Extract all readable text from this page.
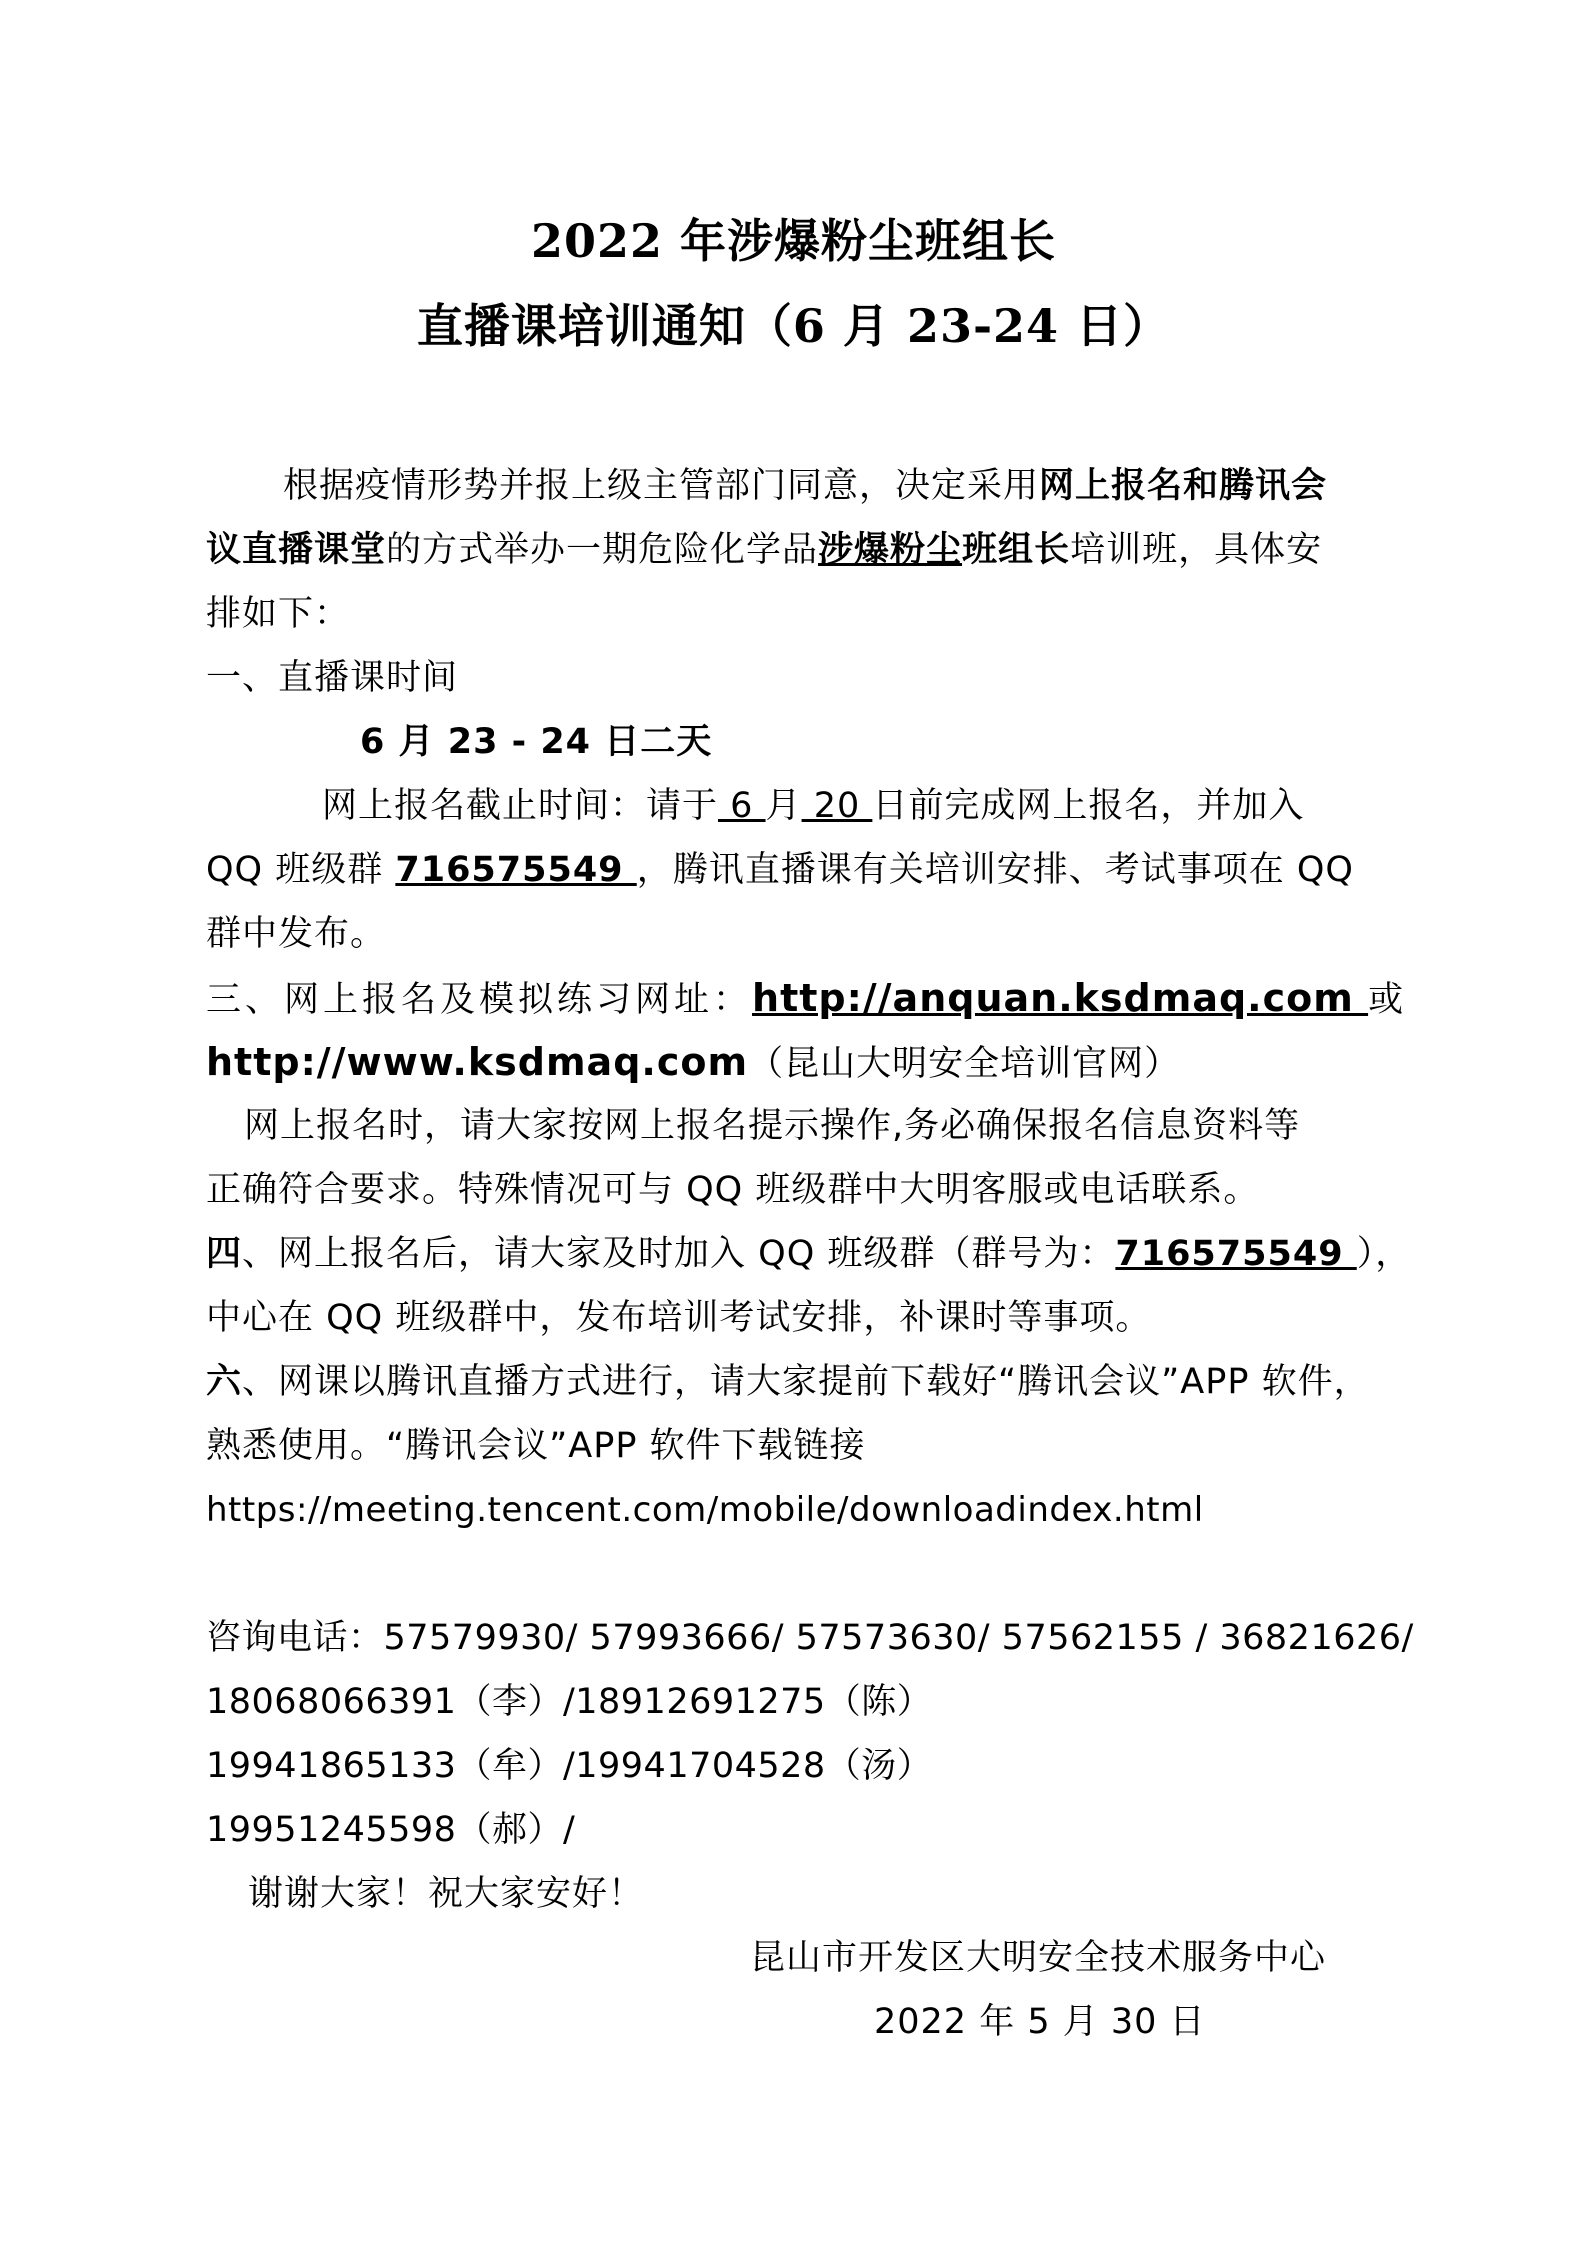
2022 年涉爆粉尘班组长
直播课培训通知（6 月 23-24 日）
根据疫情形势并报上级主管部门同意，决定采用网上报名和腾讯会
议直播课堂的方式举办一期危险化学品涉爆粉尘班组长培训班，具体安
排如下：
一、直播课时间
6 月 23 - 24 日二天
网上报名截止时间：请于 6 月 20 日前完成网上报名，并加入
QQ 班级群 716575549 ，腾讯直播课有关培训安排、考试事项在 QQ
群中发布。
三、网上报名及模拟练习网址：http://anquan.ksdmaq.com 或
http://www.ksdmaq.com（昆山大明安全培训官网）
网上报名时，请大家按网上报名提示操作,务必确保报名信息资料等
正确符合要求。特殊情况可与 QQ 班级群中大明客服或电话联系。
四、网上报名后，请大家及时加入 QQ 班级群（群号为：716575549 ），
中心在 QQ 班级群中，发布培训考试安排，补课时等事项。
六、网课以腾讯直播方式进行，请大家提前下载好“腾讯会议”APP 软件，
熟悉使用。“腾讯会议”APP 软件下载链接
https://meeting.tencent.com/mobile/downloadindex.html
咨询电话：57579930/ 57993666/ 57573630/ 57562155 / 36821626/
18068066391（李）/18912691275（陈）
19941865133（牟）/19941704528（汤）
19951245598（郝）/
谢谢大家！祝大家安好！
昆山市开发区大明安全技术服务中心
2022 年 5 月 30 日
